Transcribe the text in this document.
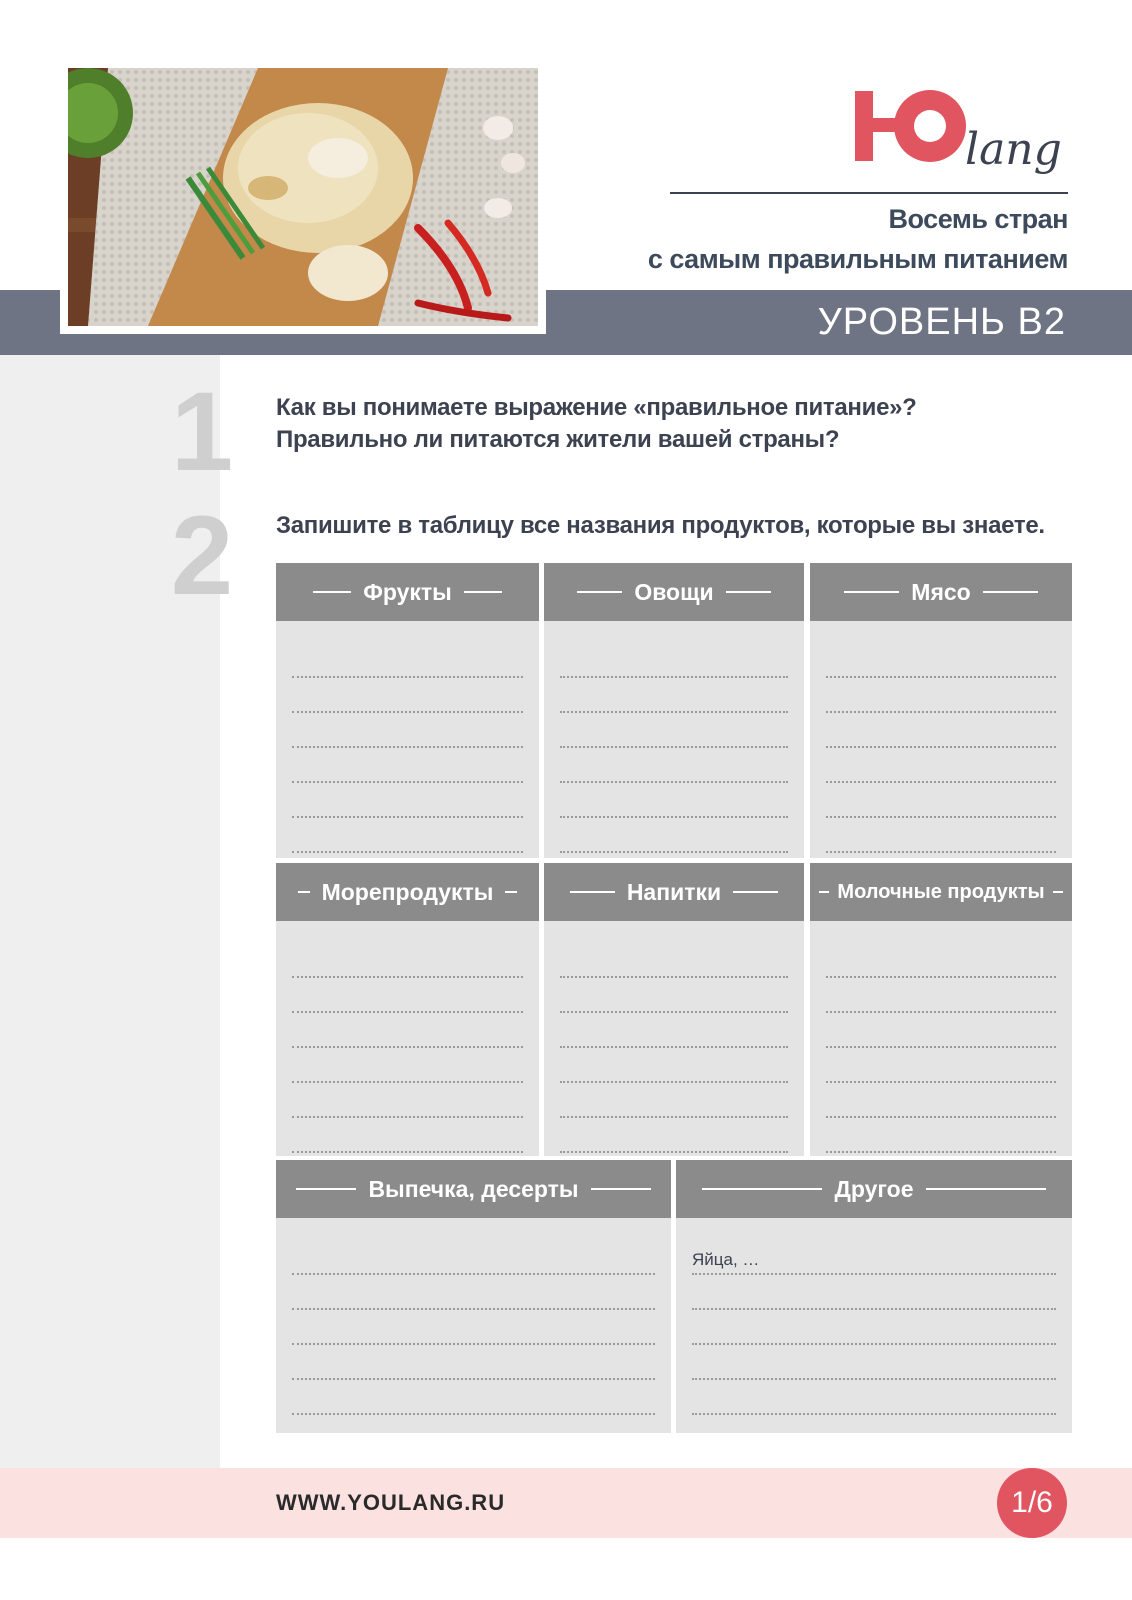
УРОВЕНЬ B2
lang
Восемь стран
с самым правильным питанием
1
2
Как вы понимаете выражение «правильное питание»?
Правильно ли питаются жители вашей страны?
Запишите в таблицу все названия продуктов, которые вы знаете.
Фрукты	Овощи	Мясо
Морепродукты	Напитки	Молочные продукты
Выпечка, десерты	Другое
Яйца, …
WWW.YOULANG.RU	1/6
